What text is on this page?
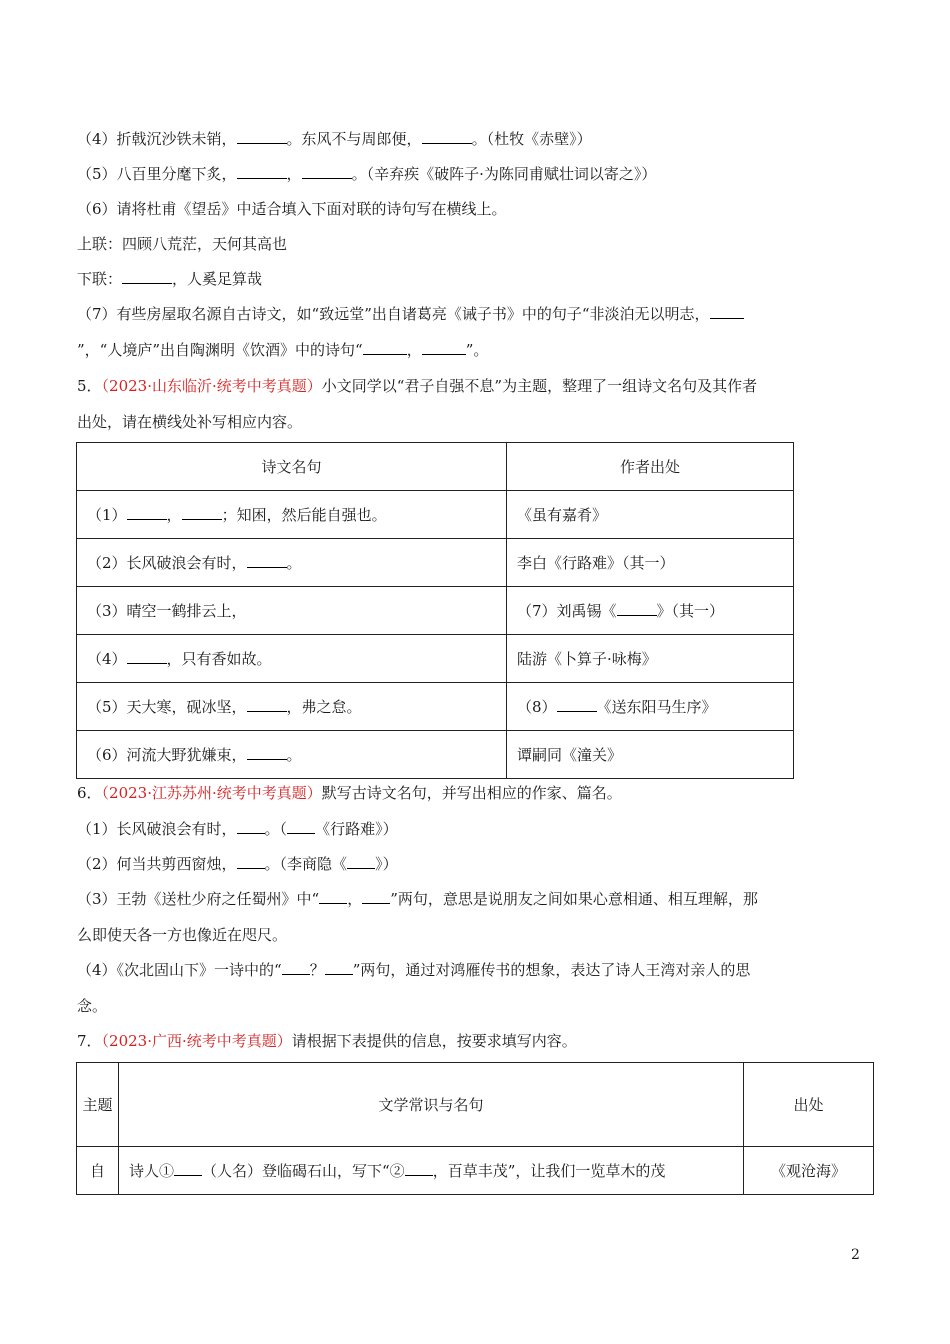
（4）折戟沉沙铁未销，	。东风不与周郎便，	。（杜牧《赤壁》）
（5）八百里分麾下炙，	，	。（辛弃疾《破阵子·为陈同甫赋壮词以寄之》）
（6）请将杜甫《望岳》中适合填入下面对联的诗句写在横线上。
上联：四顾八荒茫，天何其高也
下联：	，人奚足算哉
（7）有些房屋取名源自古诗文，如“致远堂”出自诸葛亮《诫子书》中的句子“非淡泊无以明志，
”，“人境庐”出自陶渊明《饮酒》中的诗句“	，	”。
5．（2023·山东临沂·统考中考真题）小文同学以“君子自强不息”为主题，整理了一组诗文名句及其作者
出处，请在横线处补写相应内容。
诗文名句	作者出处
（1） ， ；知困，然后能自强也。	《虽有嘉肴》
（2）长风破浪会有时， 。	李白《行路难》（其一）
（3）晴空一鹤排云上，	（7）刘禹锡《 》（其一）
（4） ，只有香如故。	陆游《卜算子·咏梅》
（5）天大寒，砚冰坚， ，弗之怠。	（8） 《送东阳马生序》
（6）河流大野犹嫌束， 。	谭嗣同《潼关》
6．（2023·江苏苏州·统考中考真题）默写古诗文名句，并写出相应的作家、篇名。
（1）长风破浪会有时， 。（ 《行路难》）
（2）何当共剪西窗烛， 。（李商隐《 》）
（3）王勃《送杜少府之任蜀州》中“ ， ”两句，意思是说朋友之间如果心意相通、相互理解，那
么即使天各一方也像近在咫尺。
（4）《次北固山下》一诗中的“ ？ ”两句，通过对鸿雁传书的想象，表达了诗人王湾对亲人的思
念。
7．（2023·广西·统考中考真题）请根据下表提供的信息，按要求填写内容。
主题	文学常识与名句	出处
自	诗人① （人名）登临碣石山，写下“② ，百草丰茂”，让我们一览草木的茂	《观沧海》
2
